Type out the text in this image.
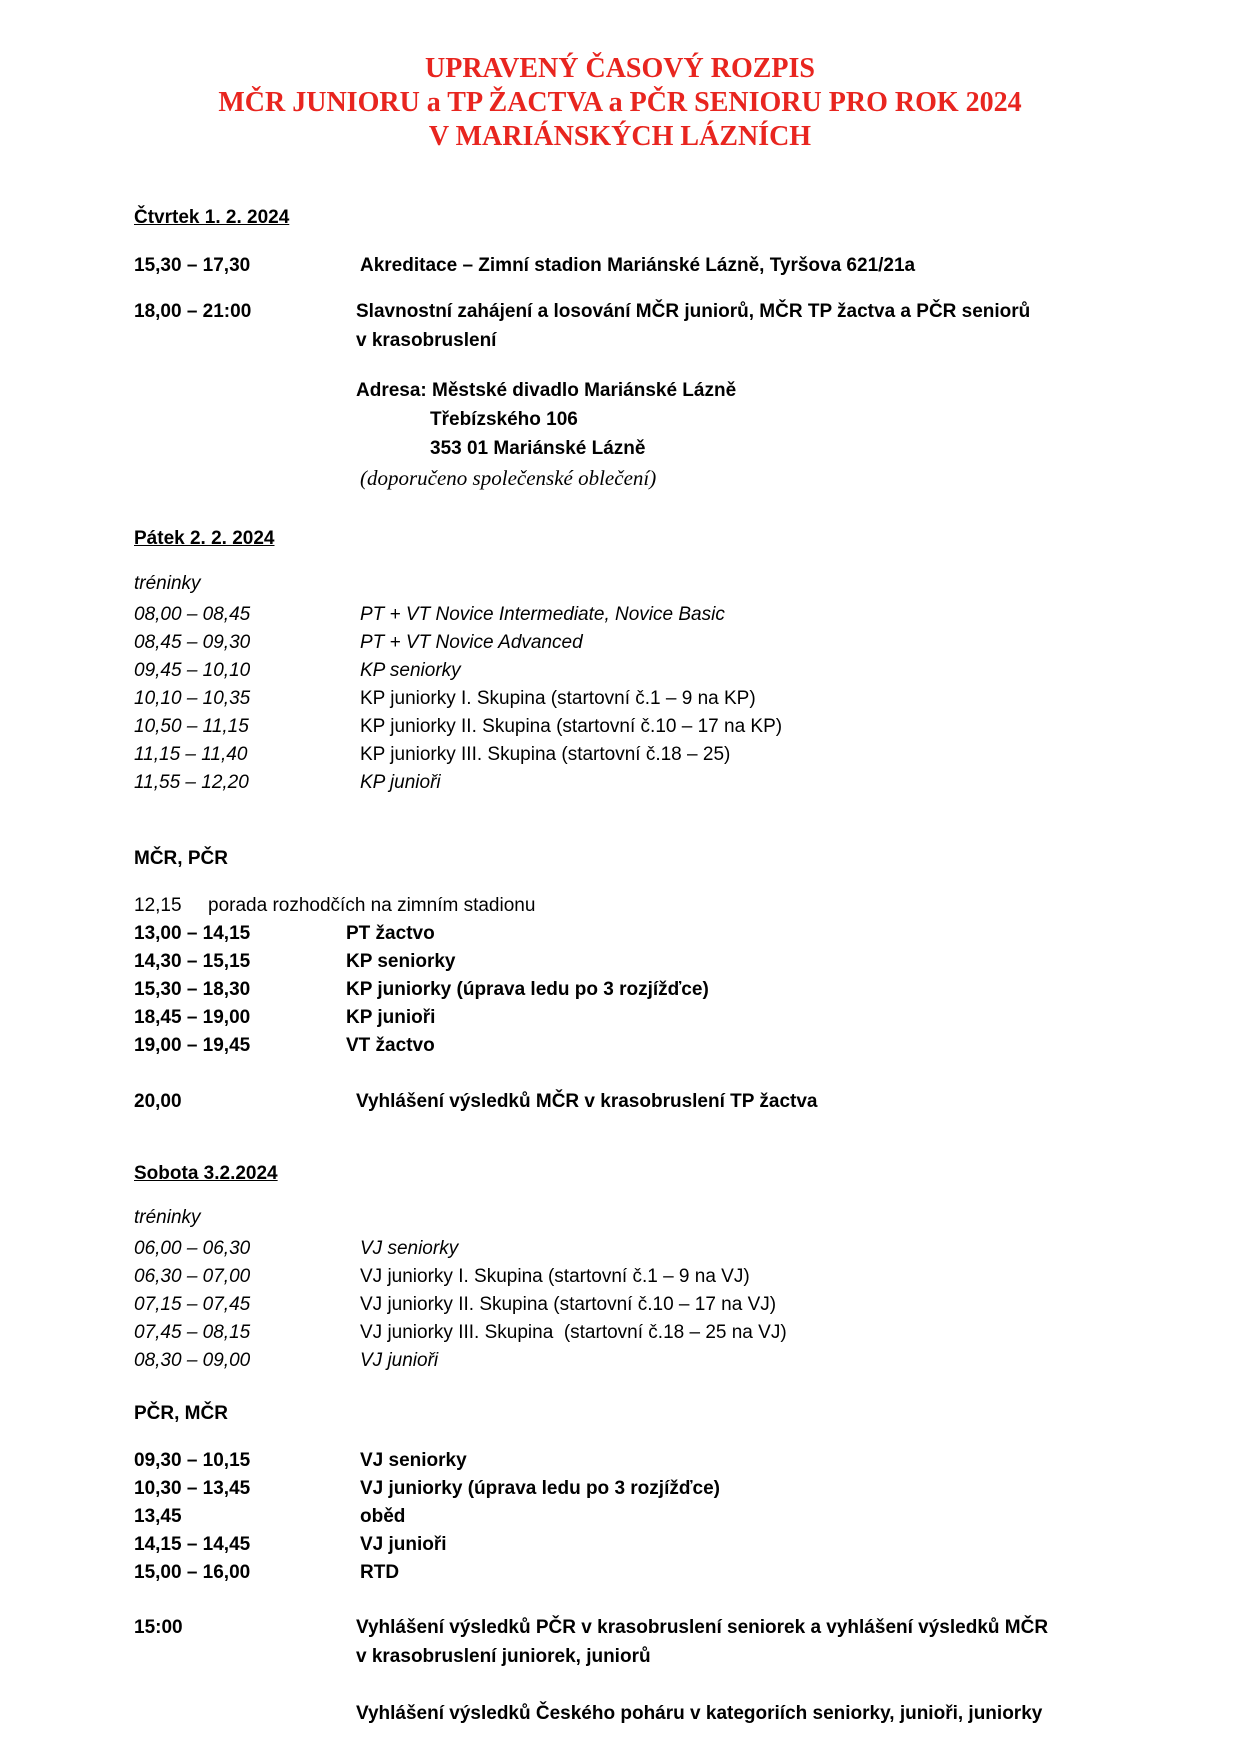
UPRAVENÝ ČASOVÝ ROZPIS
MČR JUNIORU a TP ŽACTVA a PČR SENIORU PRO ROK 2024
V MARIÁNSKÝCH LÁZNÍCH
Čtvrtek 1. 2. 2024
15,30 – 17,30	Akreditace – Zimní stadion Mariánské Lázně, Tyršova 621/21a
18,00 – 21:00	Slavnostní zahájení a losování MČR juniorů, MČR TP žactva a PČR seniorů
v krasobruslení
Adresa: Městské divadlo Mariánské Lázně
Třebízského 106
353 01 Mariánské Lázně
(doporučeno společenské oblečení)
Pátek 2. 2. 2024
tréninky
08,00 – 08,45	PT + VT Novice Intermediate, Novice Basic
08,45 – 09,30	PT + VT Novice Advanced
09,45 – 10,10	KP seniorky
10,10 – 10,35	KP juniorky I. Skupina (startovní č.1 – 9 na KP)
10,50 – 11,15	KP juniorky II. Skupina (startovní č.10 – 17 na KP)
11,15 – 11,40	KP juniorky III. Skupina (startovní č.18 – 25)
11,55 – 12,20	KP junioři
MČR, PČR
12,15 porada rozhodčích na zimním stadionu
13,00 – 14,15	PT žactvo
14,30 – 15,15	KP seniorky
15,30 – 18,30	KP juniorky (úprava ledu po 3 rozjížďce)
18,45 – 19,00	KP junioři
19,00 – 19,45	VT žactvo
20,00	Vyhlášení výsledků MČR v krasobruslení TP žactva
Sobota 3.2.2024
tréninky
06,00 – 06,30	VJ seniorky
06,30 – 07,00	VJ juniorky I. Skupina (startovní č.1 – 9 na VJ)
07,15 – 07,45	VJ juniorky II. Skupina (startovní č.10 – 17 na VJ)
07,45 – 08,15	VJ juniorky III. Skupina  (startovní č.18 – 25 na VJ)
08,30 – 09,00	VJ junioři
PČR, MČR
09,30 – 10,15	VJ seniorky
10,30 – 13,45	VJ juniorky (úprava ledu po 3 rozjížďce)
13,45	oběd
14,15 – 14,45	VJ junioři
15,00 – 16,00	RTD
15:00	Vyhlášení výsledků PČR v krasobruslení seniorek a vyhlášení výsledků MČR
v krasobruslení juniorek, juniorů
Vyhlášení výsledků Českého poháru v kategoriích seniorky, junioři, juniorky
